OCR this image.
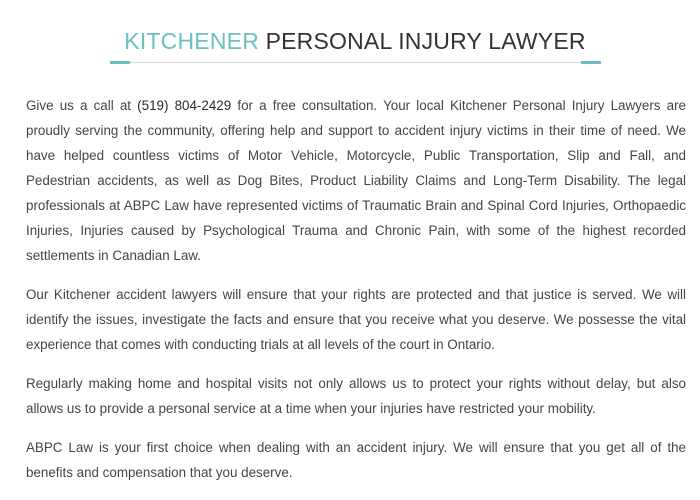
KITCHENER PERSONAL INJURY LAWYER

Give us a call at (519) 804-2429 for a free consultation. Your local Kitchener Personal Injury Lawyers are proudly serving the community, offering help and support to accident injury victims in their time of need. We have helped countless victims of Motor Vehicle, Motorcycle, Public Transportation, Slip and Fall, and Pedestrian accidents, as well as Dog Bites, Product Liability Claims and Long-Term Disability. The legal professionals at ABPC Law have represented victims of Traumatic Brain and Spinal Cord Injuries, Orthopaedic Injuries, Injuries caused by Psychological Trauma and Chronic Pain, with some of the highest recorded settlements in Canadian Law.

Our Kitchener accident lawyers will ensure that your rights are protected and that justice is served. We will identify the issues, investigate the facts and ensure that you receive what you deserve. We possesse the vital experience that comes with conducting trials at all levels of the court in Ontario.

Regularly making home and hospital visits not only allows us to protect your rights without delay, but also allows us to provide a personal service at a time when your injuries have restricted your mobility.

ABPC Law is your first choice when dealing with an accident injury. We will ensure that you get all of the benefits and compensation that you deserve.
